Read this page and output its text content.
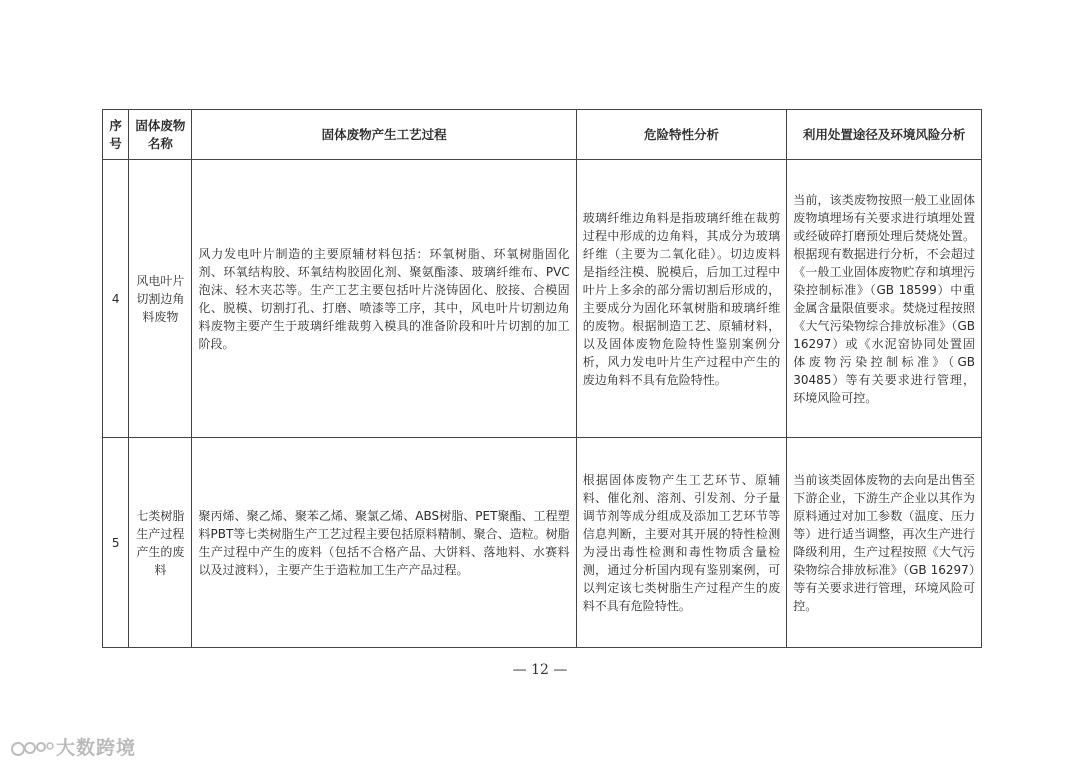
序号	固体废物名称	固体废物产生工艺过程	危险特性分析	利用处置途径及环境风险分析
4	风电叶片切割边角料废物	风力发电叶片制造的主要原辅材料包括：环氧树脂、环氧树脂固化剂、环氧结构胶、环氧结构胶固化剂、聚氨酯漆、玻璃纤维布、PVC泡沫、轻木夹芯等。生产工艺主要包括叶片浇铸固化、胶接、合模固化、脱模、切割打孔、打磨、喷漆等工序，其中，风电叶片切割边角料废物主要产生于玻璃纤维裁剪入模具的准备阶段和叶片切割的加工阶段。	玻璃纤维边角料是指玻璃纤维在裁剪过程中形成的边角料，其成分为玻璃纤维（主要为二氧化硅）。切边废料是指经注模、脱模后，后加工过程中叶片上多余的部分需切割后形成的，主要成分为固化环氧树脂和玻璃纤维的废物。根据制造工艺、原辅材料，以及固体废物危险特性鉴别案例分析，风力发电叶片生产过程中产生的废边角料不具有危险特性。	当前，该类废物按照一般工业固体废物填埋场有关要求进行填埋处置或经破碎打磨预处理后焚烧处置。根据现有数据进行分析，不会超过《一般工业固体废物贮存和填埋污染控制标准》（GB 18599）中重金属含量限值要求。焚烧过程按照《大气污染物综合排放标准》（GB 16297）或《水泥窑协同处置固体废物污染控制标准》（GB 30485）等有关要求进行管理，环境风险可控。
5	七类树脂生产过程产生的废料	聚丙烯、聚乙烯、聚苯乙烯、聚氯乙烯、ABS树脂、PET聚酯、工程塑料PBT等七类树脂生产工艺过程主要包括原料精制、聚合、造粒。树脂生产过程中产生的废料（包括不合格产品、大饼料、落地料、水赛料以及过渡料），主要产生于造粒加工生产产品过程。	根据固体废物产生工艺环节、原辅料、催化剂、溶剂、引发剂、分子量调节剂等成分组成及添加工艺环节等信息判断，主要对其开展的特性检测为浸出毒性检测和毒性物质含量检测，通过分析国内现有鉴别案例，可以判定该七类树脂生产过程产生的废料不具有危险特性。	当前该类固体废物的去向是出售至下游企业，下游生产企业以其作为原料通过对加工参数（温度、压力等）进行适当调整，再次生产进行降级利用，生产过程按照《大气污染物综合排放标准》（GB 16297）等有关要求进行管理，环境风险可控。
— 12 —
大数跨境
